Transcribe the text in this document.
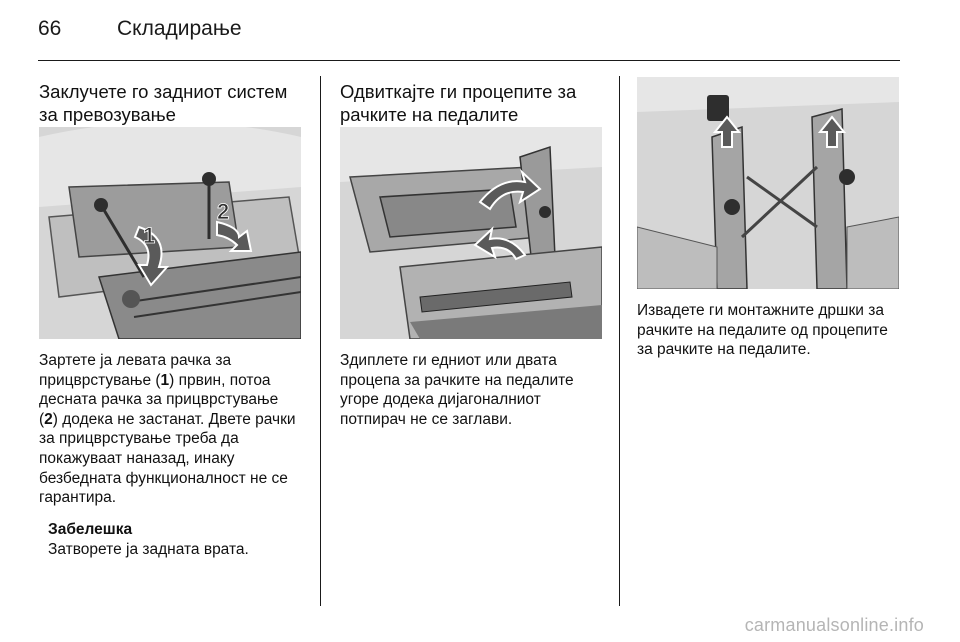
66	Складирање
Заклучете го задниот систем
за превозување
1
2

Зартете ја левата рачка за
прицврстување (1) првин, потоа
десната рачка за прицврстување
(2) додека не застанат. Двете рачки
за прицврстување треба да
покажуваат наназад, инаку
безбедната функционалност не се
гарантира.

Забелешка

Затворете ја задната врата.

Одвиткајте ги процепите за
рачките на педалите

Здиплете ги едниот или двата
процепа за рачките на педалите
угоре додека дијагоналниот
потпирач не се заглави.

Извадете ги монтажните дршки за
рачките на педалите од процепите
за рачките на педалите.

carmanualsonline.info
